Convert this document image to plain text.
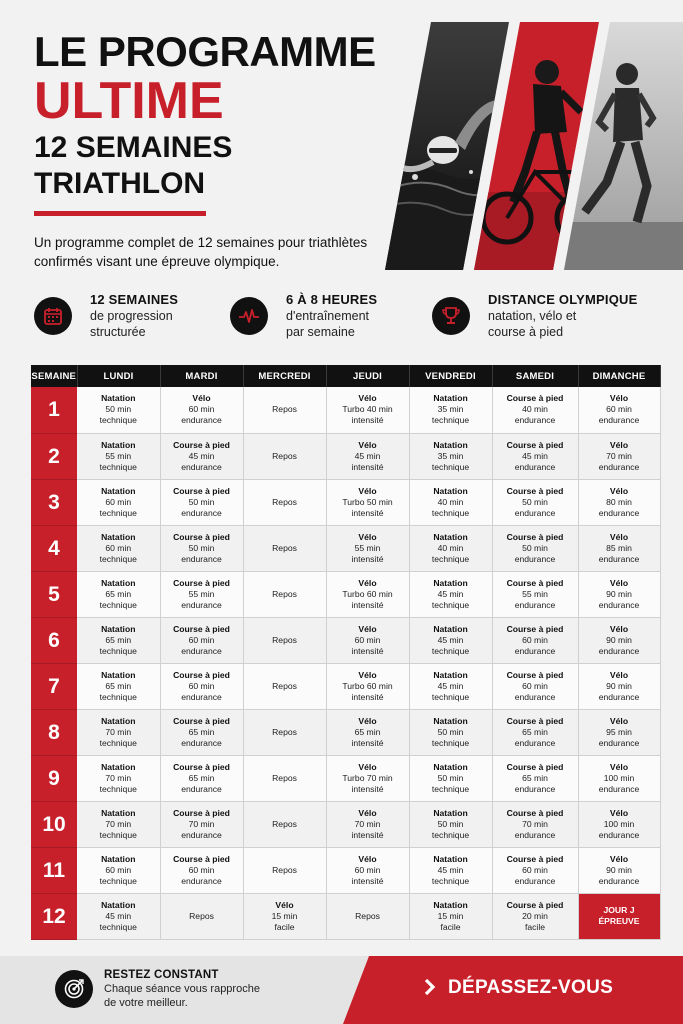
LE PROGRAMME
ULTIME
12 SEMAINES TRIATHLON
Un programme complet de 12 semaines pour triathlètes confirmés visant une épreuve olympique.
12 SEMAINES
de progression structurée
6 À 8 HEURES
d'entraînement par semaine
DISTANCE OLYMPIQUE
natation, vélo et course à pied
SEMAINE	LUNDI	MARDI	MERCREDI	JEUDI	VENDREDI	SAMEDI	DIMANCHE
1	Natation
50 min
technique	Vélo
60 min
endurance	Repos	Vélo
Turbo 40 min
intensité	Natation
35 min
technique	Course à pied
40 min
endurance	Vélo
60 min
endurance

2	Natation
55 min
technique	Course à pied
45 min
endurance	Repos	Vélo
45 min
intensité	Natation
35 min
technique	Course à pied
45 min
endurance	Vélo
70 min
endurance

3	Natation
60 min
technique	Course à pied
50 min
endurance	Repos	Vélo
Turbo 50 min
intensité	Natation
40 min
technique	Course à pied
50 min
endurance	Vélo
80 min
endurance

4	Natation
60 min
technique	Course à pied
50 min
endurance	Repos	Vélo
55 min
intensité	Natation
40 min
technique	Course à pied
50 min
endurance	Vélo
85 min
endurance

5	Natation
65 min
technique	Course à pied
55 min
endurance	Repos	Vélo
Turbo 60 min
intensité	Natation
45 min
technique	Course à pied
55 min
endurance	Vélo
90 min
endurance

6	Natation
65 min
technique	Course à pied
60 min
endurance	Repos	Vélo
60 min
intensité	Natation
45 min
technique	Course à pied
60 min
endurance	Vélo
90 min
endurance

7	Natation
65 min
technique	Course à pied
60 min
endurance	Repos	Vélo
Turbo 60 min
intensité	Natation
45 min
technique	Course à pied
60 min
endurance	Vélo
90 min
endurance

8	Natation
70 min
technique	Course à pied
65 min
endurance	Repos	Vélo
65 min
intensité	Natation
50 min
technique	Course à pied
65 min
endurance	Vélo
95 min
endurance

9	Natation
70 min
technique	Course à pied
65 min
endurance	Repos	Vélo
Turbo 70 min
intensité	Natation
50 min
technique	Course à pied
65 min
endurance	Vélo
100 min
endurance

10	Natation
70 min
technique	Course à pied
70 min
endurance	Repos	Vélo
70 min
intensité	Natation
50 min
technique	Course à pied
70 min
endurance	Vélo
100 min
endurance

11	Natation
60 min
technique	Course à pied
60 min
endurance	Repos	Vélo
60 min
intensité	Natation
45 min
technique	Course à pied
60 min
endurance	Vélo
90 min
endurance

12	Natation
45 min
technique	Repos	Vélo
15 min
facile	Repos	Natation
15 min
facile	Course à pied
20 min
facile	JOUR J
ÉPREUVE
RESTEZ CONSTANT
Chaque séance vous rapproche de votre meilleur.
DÉPASSEZ-VOUS
